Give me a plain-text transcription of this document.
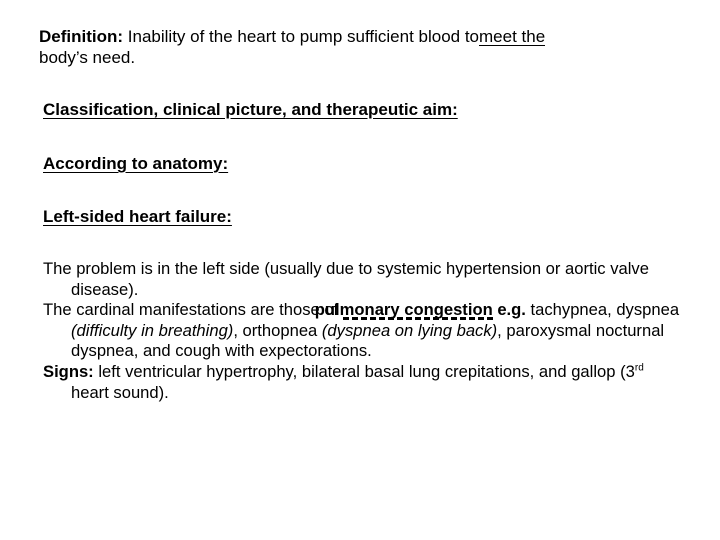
Definition: Inability of the heart to pump sufficient blood tomeet the
body’s need.
Classification, clinical picture, and therapeutic aim:
According to anatomy:
Left-sided heart failure:

The problem is in the left side (usually due to systemic hypertension or aortic valve disease).

The cardinal manifestations are those of pulmonary congestion e.g. tachypnea, dyspnea (difficulty in breathing), orthopnea (dyspnea on lying back), paroxysmal nocturnal dyspnea, and cough with expectorations.

Signs: left ventricular hypertrophy, bilateral basal lung crepitations, and gallop (3rd heart sound).
